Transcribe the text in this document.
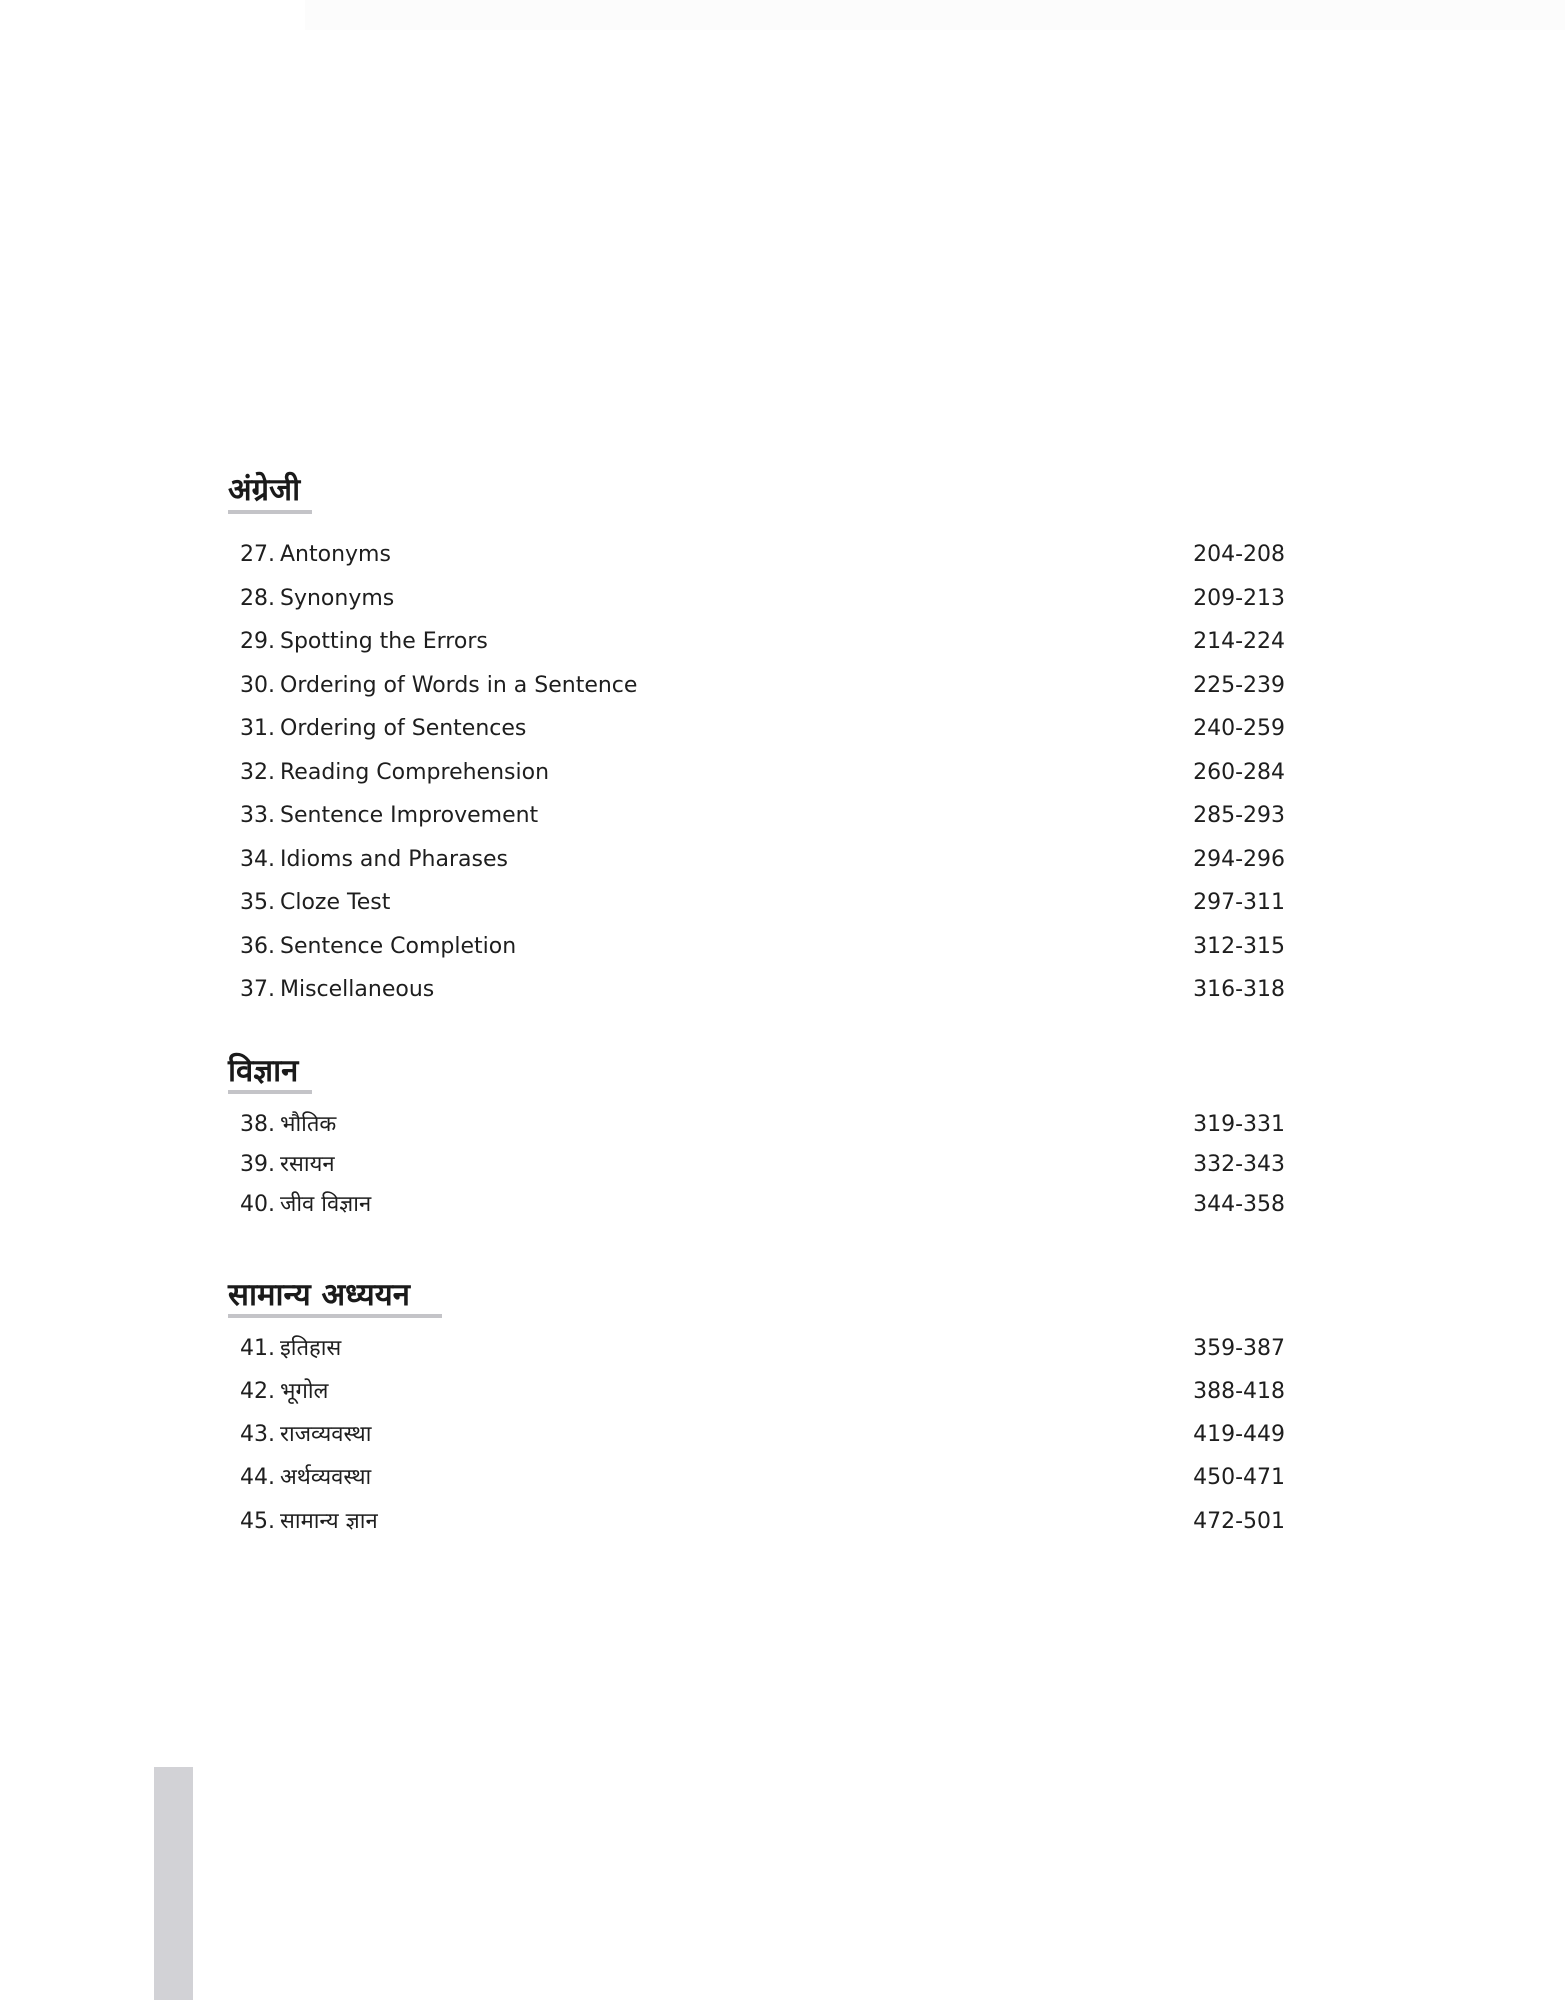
अंग्रेजी
27. Antonyms	204-208
28. Synonyms	209-213
29. Spotting the Errors	214-224
30. Ordering of Words in a Sentence	225-239
31. Ordering of Sentences	240-259
32. Reading Comprehension	260-284
33. Sentence Improvement	285-293
34. Idioms and Pharases	294-296
35. Cloze Test	297-311
36. Sentence Completion	312-315
37. Miscellaneous	316-318
विज्ञान
38. भौतिक	319-331
39. रसायन	332-343
40. जीव विज्ञान	344-358
सामान्य अध्ययन
41. इतिहास	359-387
42. भूगोल	388-418
43. राजव्यवस्था	419-449
44. अर्थव्यवस्था	450-471
45. सामान्य ज्ञान	472-501
